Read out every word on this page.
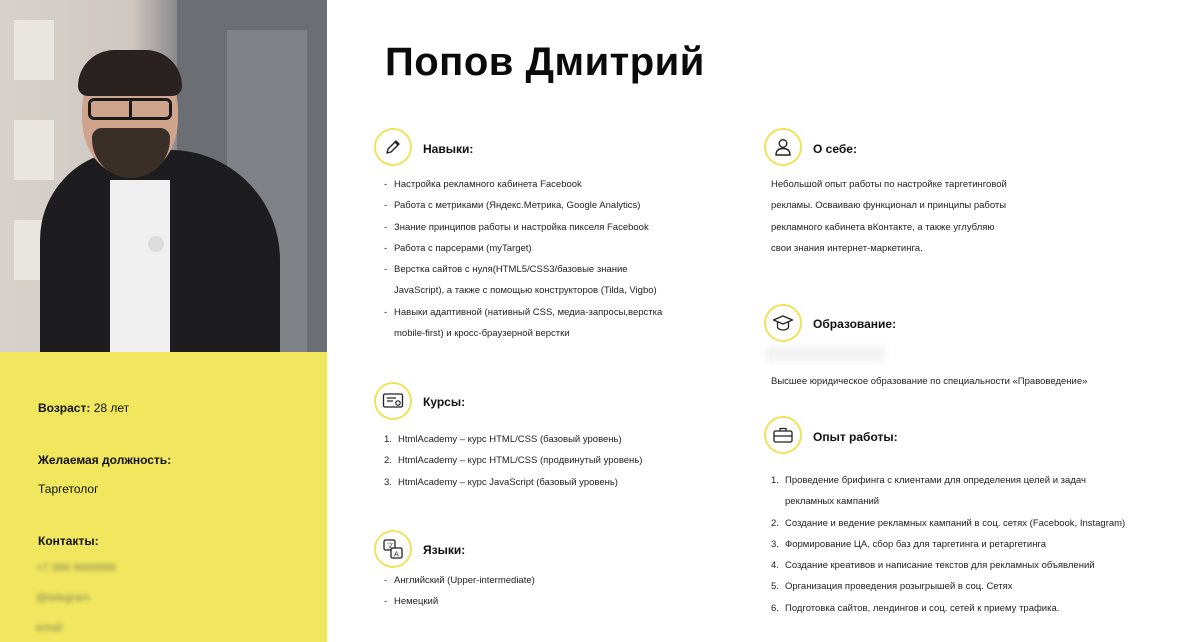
Возраст: 28 лет
Желаемая должность:
Таргетолог
Контакты:
+7 999 9999999
@telegram
email
Попов Дмитрий
Навыки:
- Настройка рекламного кабинета Facebook
- Работа с метриками (Яндекс.Метрика, Google Analytics)
- Знание принципов работы и настройка пикселя Facebook
- Работа с парсерами (myTarget)
- Верстка сайтов с нуля(HTML5/CSS3/базовые знание
JavaScript), а также с помощью конструкторов (Tilda, Vigbo)
- Навыки адаптивной (нативный CSS, медиа-запросы,верстка
mobile-first) и кросс-браузерной верстки
Курсы:
1. HtmlAcademy – курс HTML/CSS (базовый уровень)
2. HtmlAcademy – курс HTML/CSS (продвинутый уровень)
3. HtmlAcademy – курс JavaScript (базовый уровень)
文
A Языки:
- Английский (Upper-intermediate)
- Немецкий
О себе:
Небольшой опыт работы по настройке таргетинговой
рекламы. Осваиваю функционал и принципы работы
рекламного кабинета вКонтакте, а также углубляю
свои знания интернет-маркетинга.
Образование:
Высшее юридическое образование по специальности «Правоведение»
Опыт работы:
1. Проведение брифинга с клиентами для определения целей и задач
рекламных кампаний
2. Создание и ведение рекламных кампаний в соц. сетях (Facebook, Instagram)
3. Формирование ЦА, сбор баз для таргетинга и ретаргетинга
4. Создание креативов и написание текстов для рекламных объявлений
5. Организация проведения розыгрышей в соц. Сетях
6. Подготовка сайтов, лендингов и соц. сетей к приему трафика.
